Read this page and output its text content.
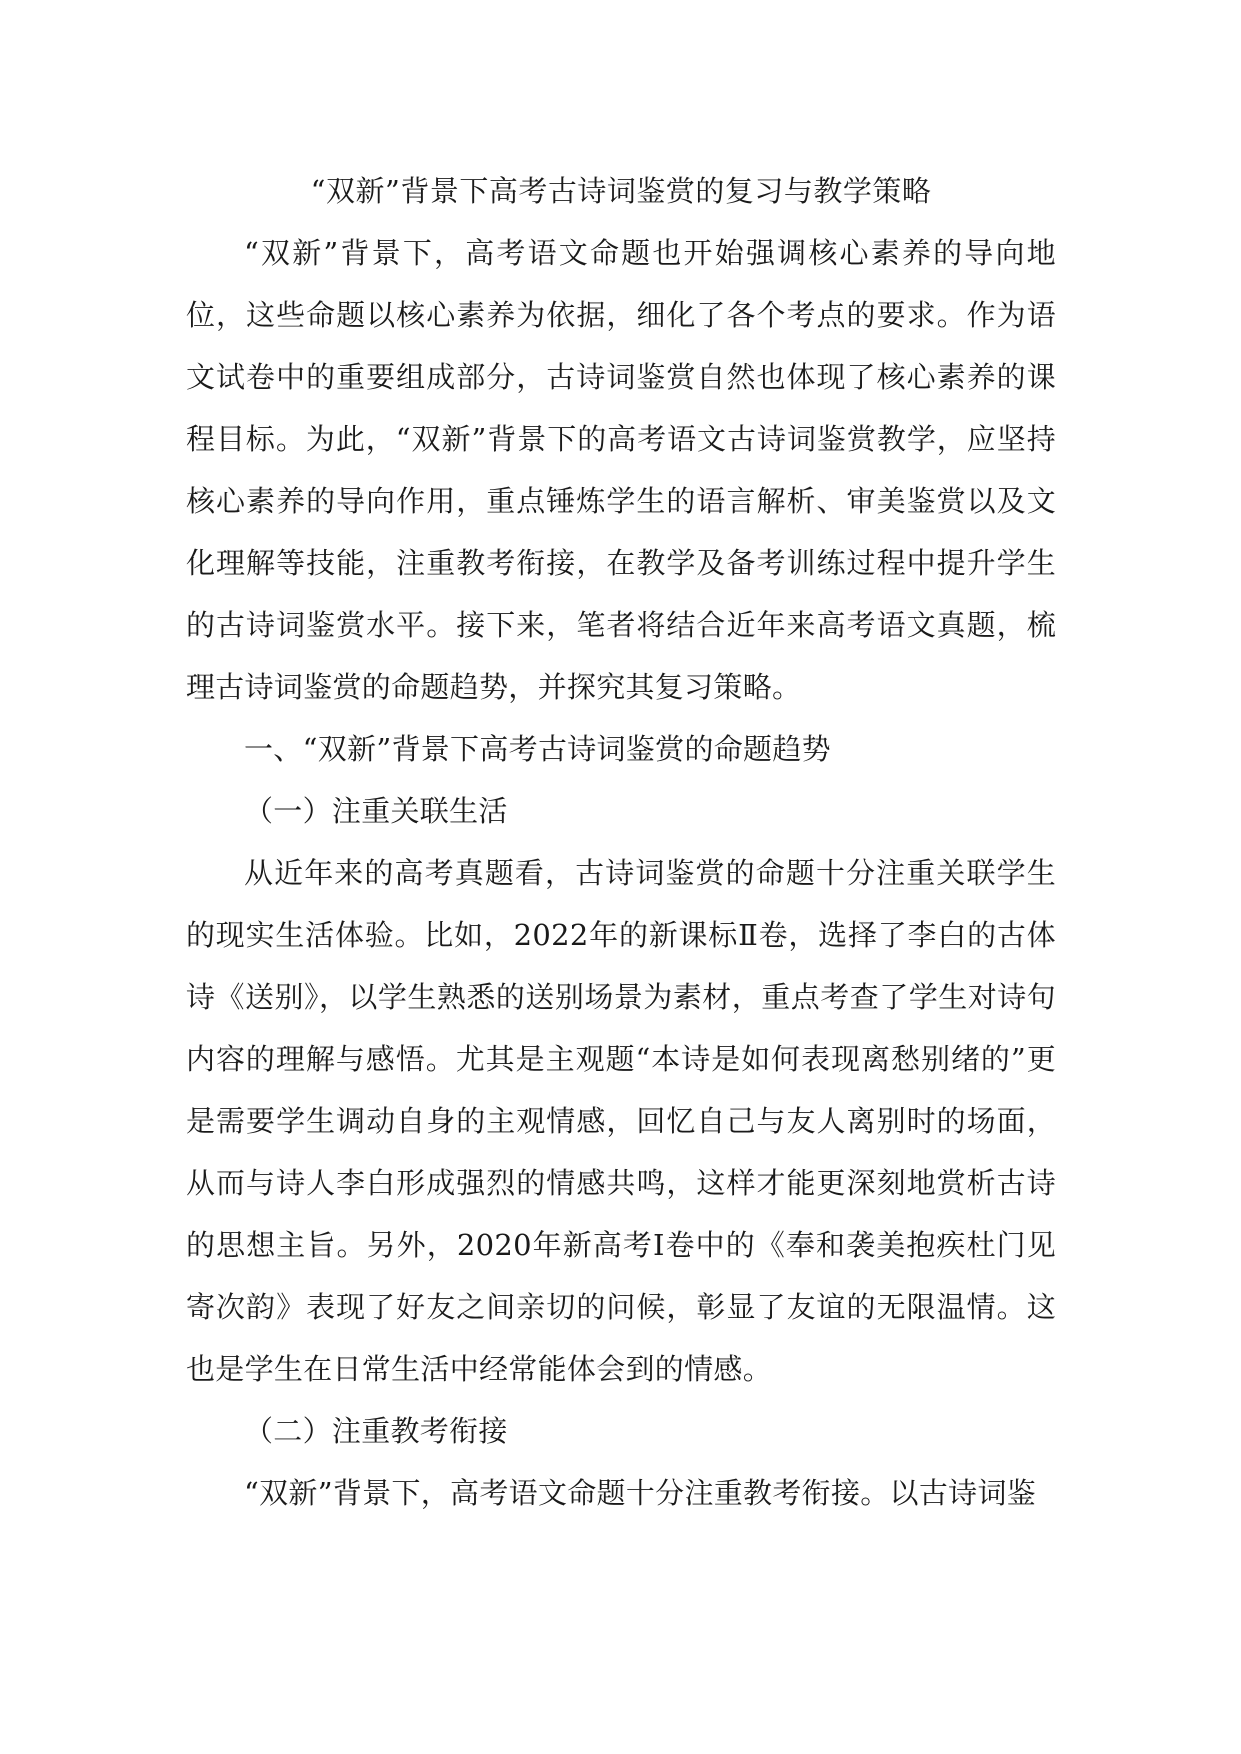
“双新”背景下高考古诗词鉴赏的复习与教学策略

“双新”背景下，高考语文命题也开始强调核心素养的导向地位，这些命题以核心素养为依据，细化了各个考点的要求。作为语文试卷中的重要组成部分，古诗词鉴赏自然也体现了核心素养的课程目标。为此，“双新”背景下的高考语文古诗词鉴赏教学，应坚持核心素养的导向作用，重点锤炼学生的语言解析、审美鉴赏以及文化理解等技能，注重教考衔接，在教学及备考训练过程中提升学生的古诗词鉴赏水平。接下来，笔者将结合近年来高考语文真题，梳理古诗词鉴赏的命题趋势，并探究其复习策略。

一、“双新”背景下高考古诗词鉴赏的命题趋势

（一）注重关联生活

从近年来的高考真题看，古诗词鉴赏的命题十分注重关联学生的现实生活体验。比如，2022年的新课标Ⅱ卷，选择了李白的古体诗《送别》，以学生熟悉的送别场景为素材，重点考查了学生对诗句内容的理解与感悟。尤其是主观题“本诗是如何表现离愁别绪的”更是需要学生调动自身的主观情感，回忆自己与友人离别时的场面，从而与诗人李白形成强烈的情感共鸣，这样才能更深刻地赏析古诗的思想主旨。另外，2020年新高考Ⅰ卷中的《奉和袭美抱疾杜门见寄次韵》表现了好友之间亲切的问候，彰显了友谊的无限温情。这也是学生在日常生活中经常能体会到的情感。

（二）注重教考衔接

“双新”背景下，高考语文命题十分注重教考衔接。以古诗词鉴
